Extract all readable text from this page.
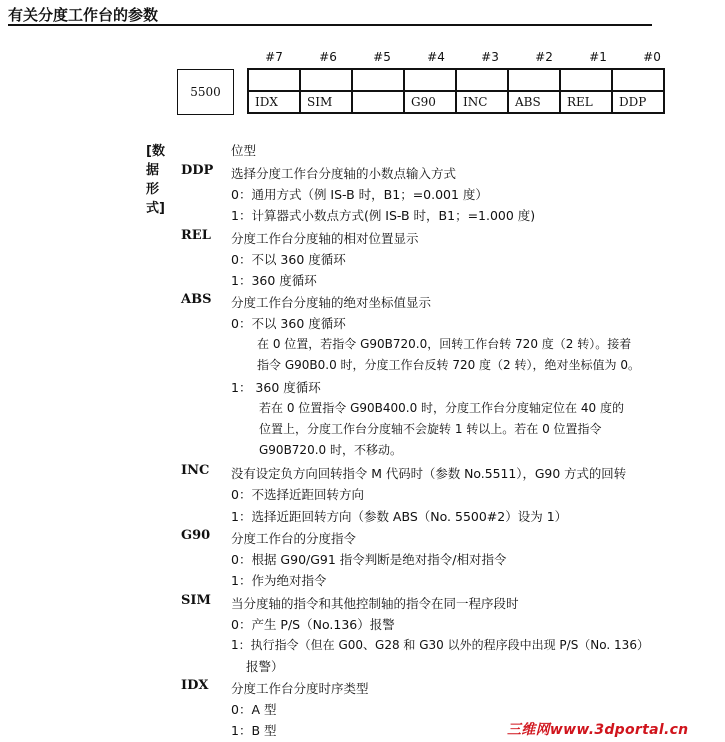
有关分度工作台的参数
#7	#6	#5	#4	#3	#2	#1	#0
5500

IDX	SIM		G90	INC	ABS	REL	DDP
[数据形式]
位型
DDP 选择分度工作台分度轴的小数点输入方式
0：通用方式（例 IS-B 时，B1；=0.001 度）
1：计算器式小数点方式(例 IS-B 时，B1；=1.000 度)
REL 分度工作台分度轴的相对位置显示
0：不以 360 度循环
1：360 度循环
ABS 分度工作台分度轴的绝对坐标值显示
0：不以 360 度循环
在 0 位置，若指令 G90B720.0，回转工作台转 720 度（2 转）。接着
指令 G90B0.0 时，分度工作台反转 720 度（2 转），绝对坐标值为 0。
1： 360 度循环
若在 0 位置指令 G90B400.0 时，分度工作台分度轴定位在 40 度的
位置上，分度工作台分度轴不会旋转 1 转以上。若在 0 位置指令
G90B720.0 时，不移动。
INC 没有设定负方向回转指令 M 代码时（参数 No.5511），G90 方式的回转
0：不选择近距回转方向
1：选择近距回转方向（参数 ABS（No. 5500#2）设为 1）
G90 分度工作台的分度指令
0：根据 G90/G91 指令判断是绝对指令/相对指令
1：作为绝对指令
SIM 当分度轴的指令和其他控制轴的指令在同一程序段时
0：产生 P/S（No.136）报警
1：执行指令（但在 G00、G28 和 G30 以外的程序段中出现 P/S（No. 136）
报警）
IDX 分度工作台分度时序类型
0：A 型
1：B 型	三维网www.3dportal.cn
